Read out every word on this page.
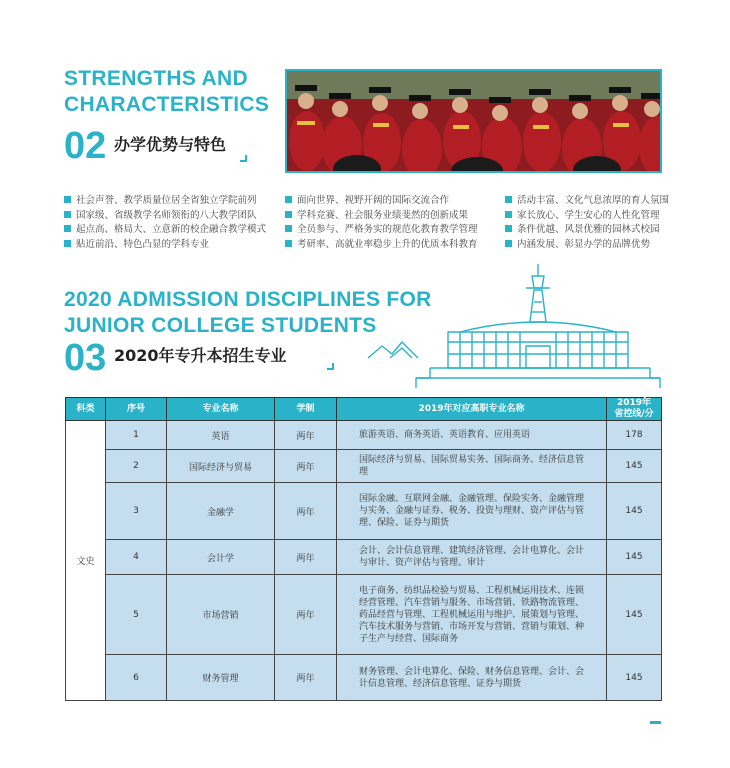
STRENGTHS AND CHARACTERISTICS
02 办学优势与特色
社会声誉、教学质量位居全省独立学院前列
国家级、省级教学名师领衔的八大教学团队
起点高、格局大、立意新的校企融合教学模式
贴近前沿、特色凸显的学科专业
面向世界、视野开阔的国际交流合作
学科竞赛、社会服务业绩斐然的创新成果
全员参与、严格务实的规范化教育教学管理
考研率、高就业率稳步上升的优质本科教育
活动丰富、文化气息浓厚的育人氛围
家长放心、学生安心的人性化管理
条件优越、风景优雅的园林式校园
内涵发展、彰显办学的品牌优势
2020 ADMISSION DISCIPLINES FOR JUNIOR COLLEGE STUDENTS
03 2020年专升本招生专业
科类	序号	专业名称	学制	2019年对应高职专业名称	2019年
省控线/分
文史	1	英语	两年	旅游英语、商务英语、英语教育、应用英语	178
	2	国际经济与贸易	两年	国际经济与贸易、国际贸易实务、国际商务、经济信息管理	145
	3	金融学	两年	国际金融、互联网金融、金融管理、保险实务、金融管理与实务、金融与证券、税务、投资与理财、资产评估与管理、保险、证券与期货	145
	4	会计学	两年	会计、会计信息管理、建筑经济管理、会计电算化、会计与审计、资产评估与管理、审计	145
	5	市场营销	两年	电子商务、纺织品检验与贸易、工程机械运用技术、连锁经营管理、汽车营销与服务、市场营销、铁路物流管理、药品经营与管理、工程机械运用与维护、展策划与管理、汽车技术服务与营销、市场开发与营销、营销与策划、种子生产与经营、国际商务	145
	6	财务管理	两年	财务管理、会计电算化、保险、财务信息管理、会计、会计信息管理、经济信息管理、证券与期货	145
